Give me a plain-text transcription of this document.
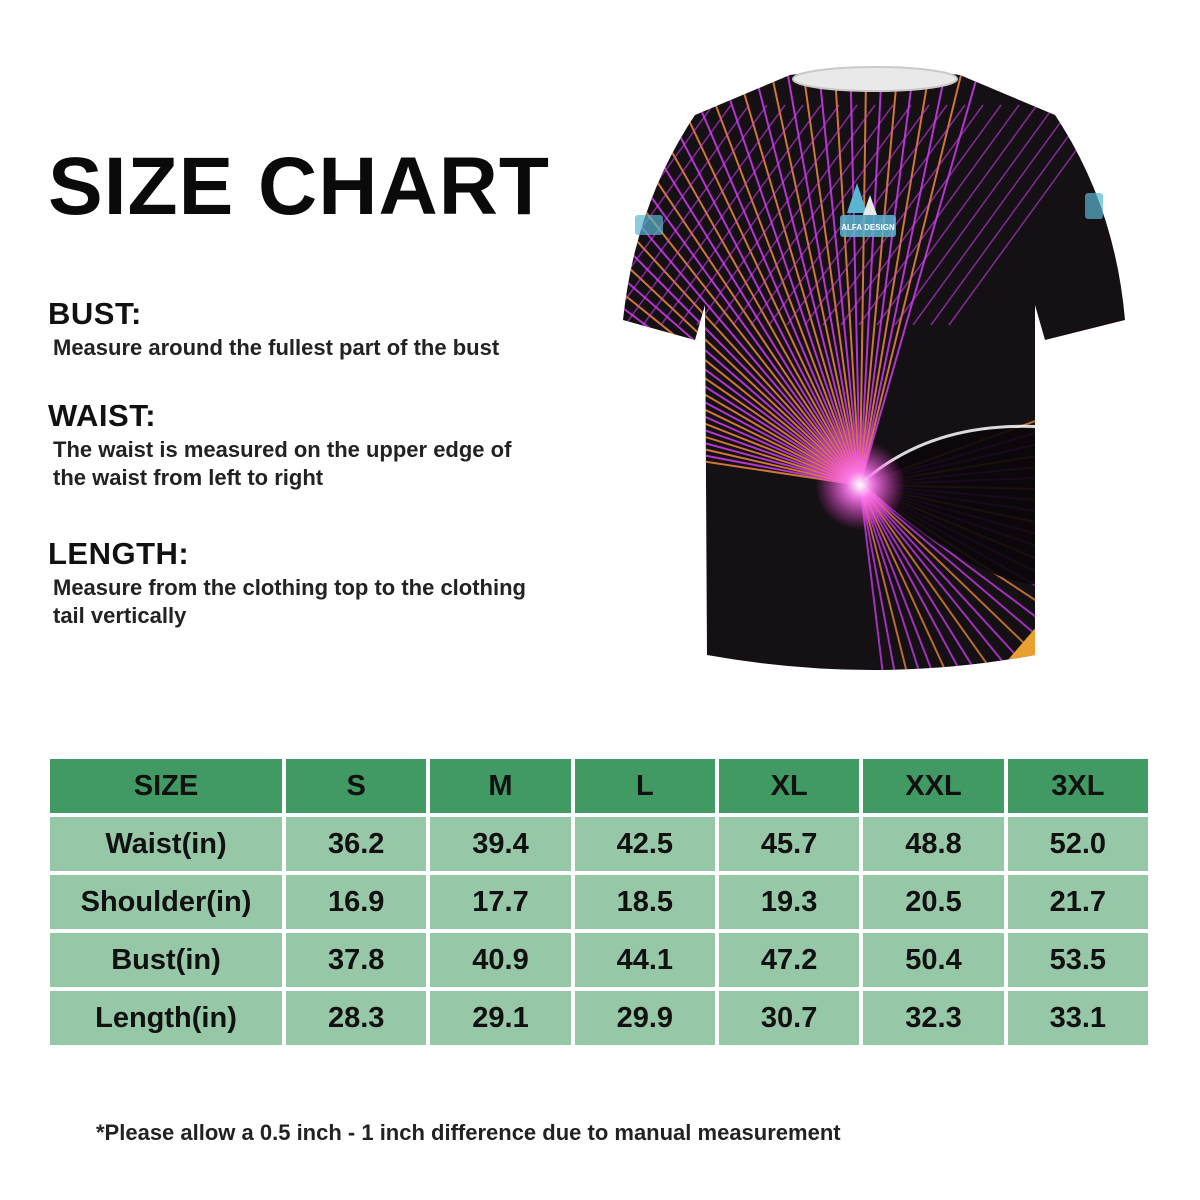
SIZE CHART
BUST:
Measure around the fullest part of the bust
WAIST:
The waist is measured on the upper edge of
the waist from left to right
LENGTH:
Measure from the clothing top to the clothing
tail vertically
ALFA DESIGN
SIZE	S	M	L	XL	XXL	3XL
Waist(in)	36.2	39.4	42.5	45.7	48.8	52.0
Shoulder(in)	16.9	17.7	18.5	19.3	20.5	21.7
Bust(in)	37.8	40.9	44.1	47.2	50.4	53.5
Length(in)	28.3	29.1	29.9	30.7	32.3	33.1
*Please allow a 0.5 inch - 1 inch difference due to manual measurement
